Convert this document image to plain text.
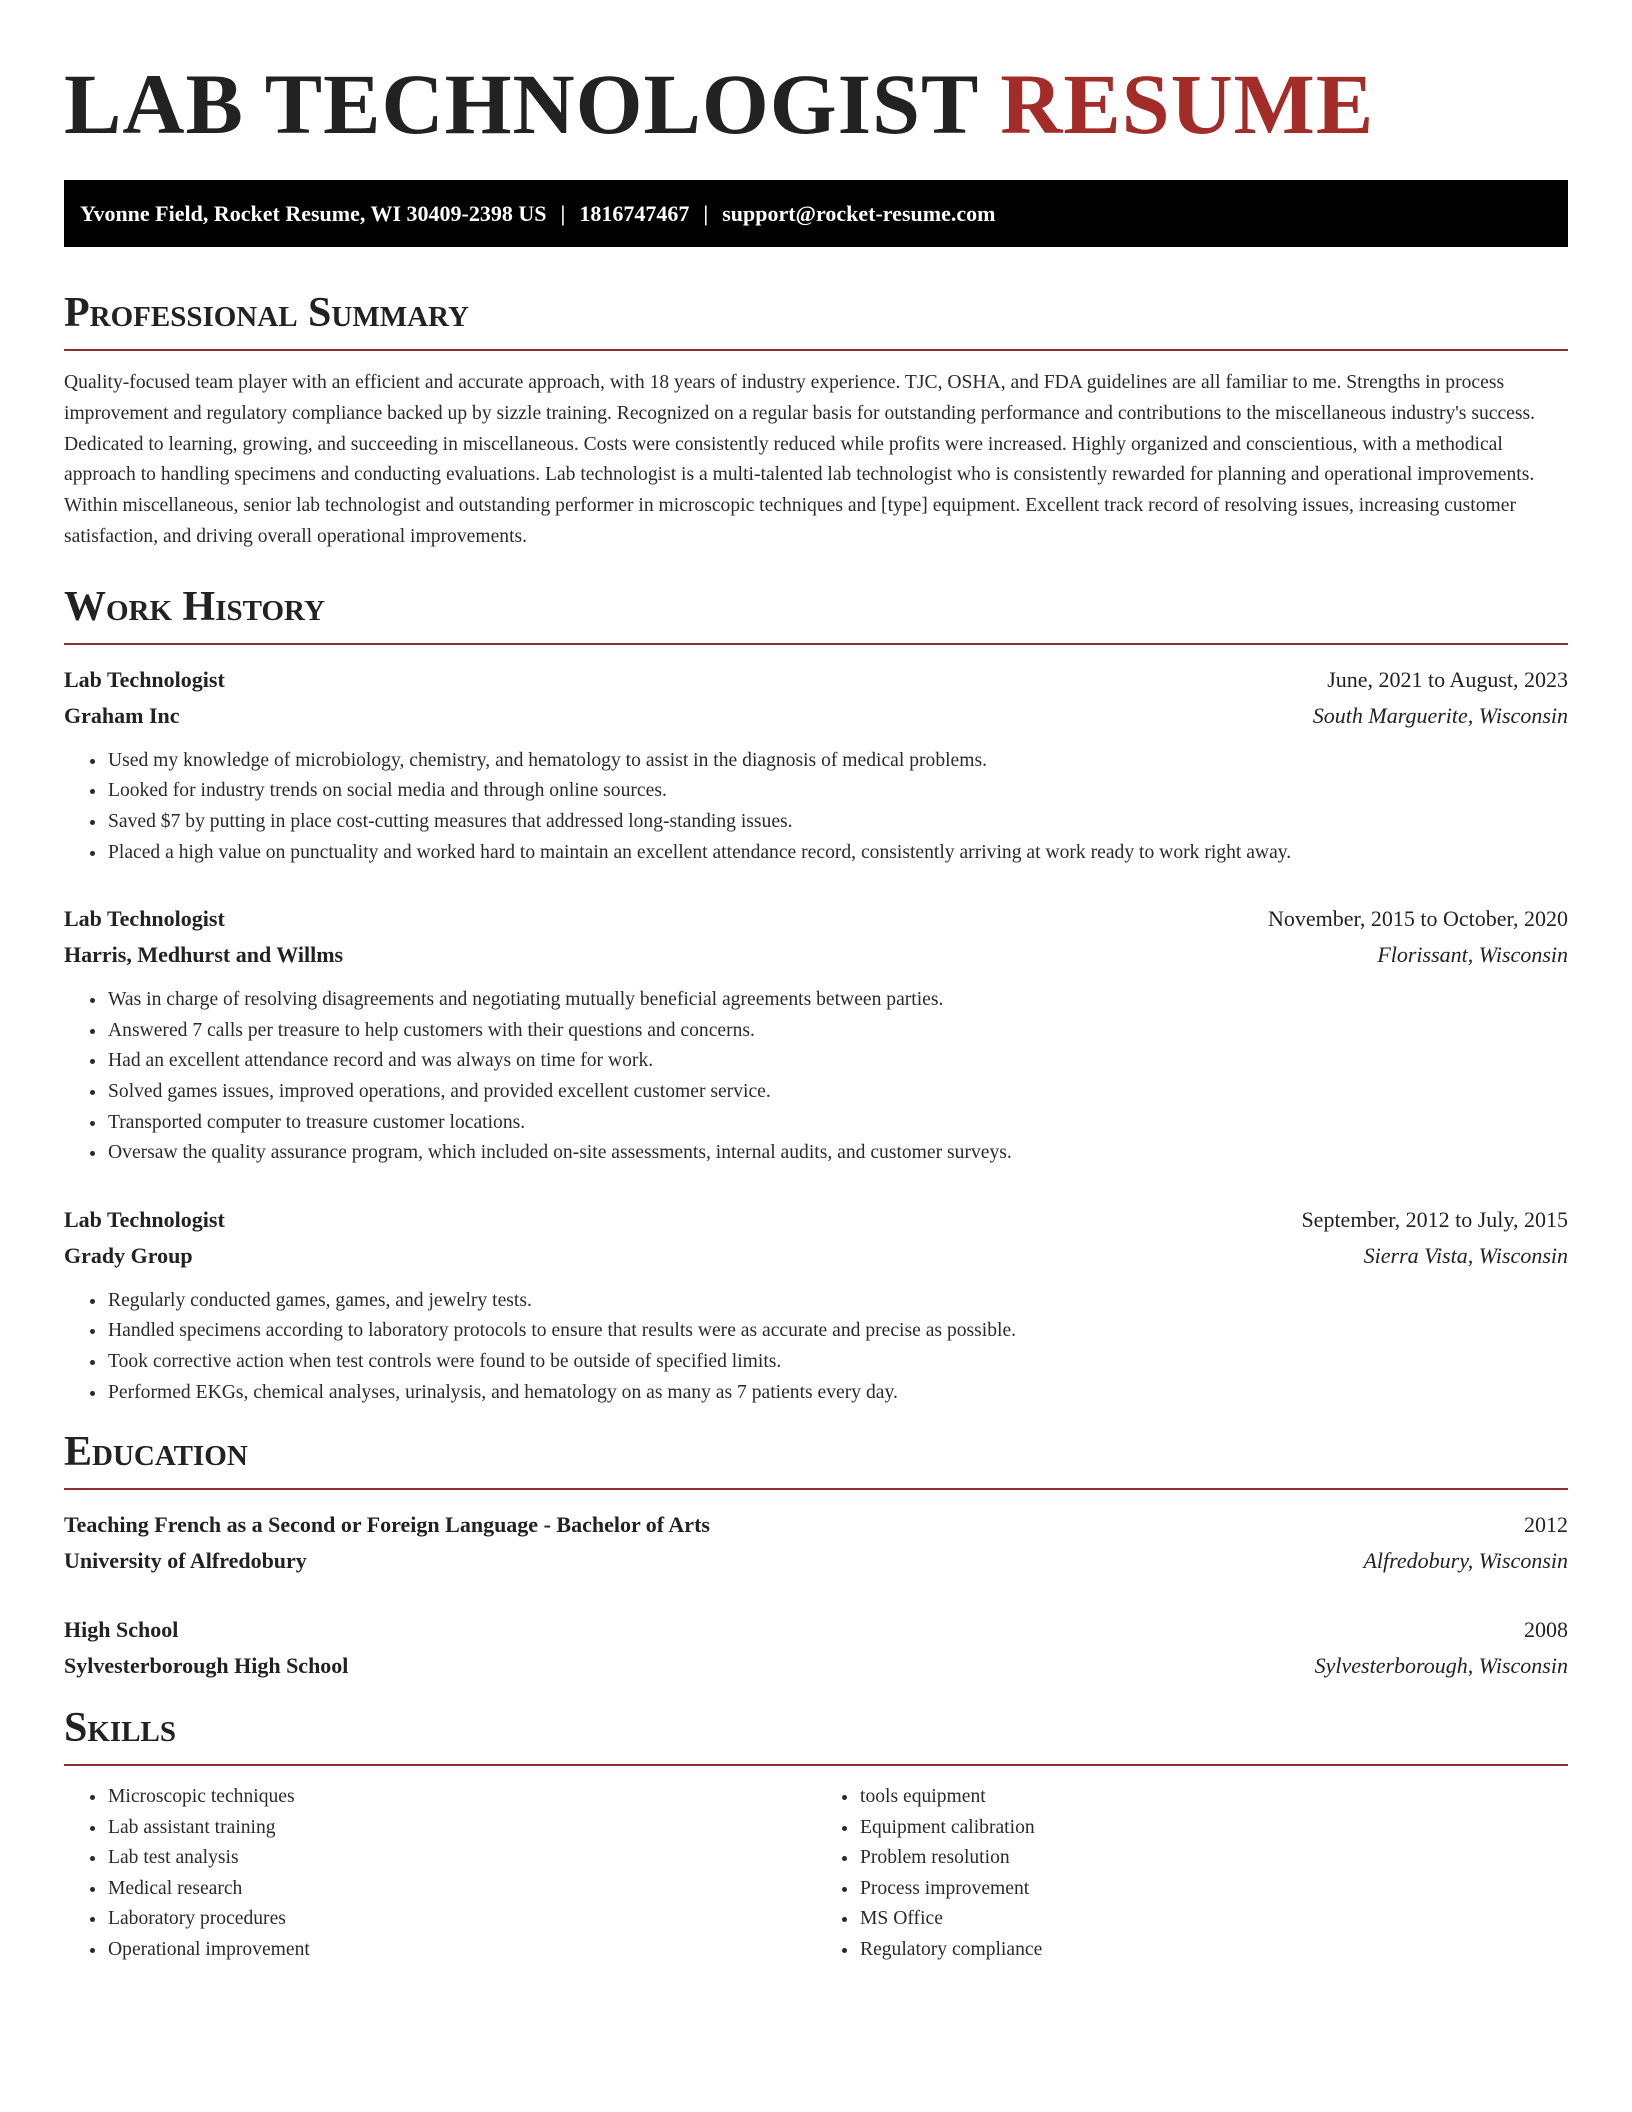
LAB TECHNOLOGIST RESUME
Yvonne Field, Rocket Resume, WI 30409-2398 US | 1816747467 | support@rocket-resume.com
Professional Summary

Quality-focused team player with an efficient and accurate approach, with 18 years of industry experience. TJC, OSHA, and FDA guidelines are all familiar to me. Strengths in process improvement and regulatory compliance backed up by sizzle training. Recognized on a regular basis for outstanding performance and contributions to the miscellaneous industry's success. Dedicated to learning, growing, and succeeding in miscellaneous. Costs were consistently reduced while profits were increased. Highly organized and conscientious, with a methodical approach to handling specimens and conducting evaluations. Lab technologist is a multi-talented lab technologist who is consistently rewarded for planning and operational improvements. Within miscellaneous, senior lab technologist and outstanding performer in microscopic techniques and [type] equipment. Excellent track record of resolving issues, increasing customer satisfaction, and driving overall operational improvements.

Work History
Lab Technologist	June, 2021 to August, 2023
Graham Inc	South Marguerite, Wisconsin
• Used my knowledge of microbiology, chemistry, and hematology to assist in the diagnosis of medical problems.
• Looked for industry trends on social media and through online sources.
• Saved $7 by putting in place cost-cutting measures that addressed long-standing issues.
• Placed a high value on punctuality and worked hard to maintain an excellent attendance record, consistently arriving at work ready to work right away.
Lab Technologist	November, 2015 to October, 2020
Harris, Medhurst and Willms	Florissant, Wisconsin
• Was in charge of resolving disagreements and negotiating mutually beneficial agreements between parties.
• Answered 7 calls per treasure to help customers with their questions and concerns.
• Had an excellent attendance record and was always on time for work.
• Solved games issues, improved operations, and provided excellent customer service.
• Transported computer to treasure customer locations.
• Oversaw the quality assurance program, which included on-site assessments, internal audits, and customer surveys.
Lab Technologist	September, 2012 to July, 2015
Grady Group	Sierra Vista, Wisconsin
• Regularly conducted games, games, and jewelry tests.
• Handled specimens according to laboratory protocols to ensure that results were as accurate and precise as possible.
• Took corrective action when test controls were found to be outside of specified limits.
• Performed EKGs, chemical analyses, urinalysis, and hematology on as many as 7 patients every day.
Education
Teaching French as a Second or Foreign Language - Bachelor of Arts	2012
University of Alfredobury	Alfredobury, Wisconsin
High School	2008
Sylvesterborough High School	Sylvesterborough, Wisconsin
Skills
• Microscopic techniques
• Lab assistant training
• Lab test analysis
• Medical research
• Laboratory procedures
• Operational improvement
• tools equipment
• Equipment calibration
• Problem resolution
• Process improvement
• MS Office
• Regulatory compliance
